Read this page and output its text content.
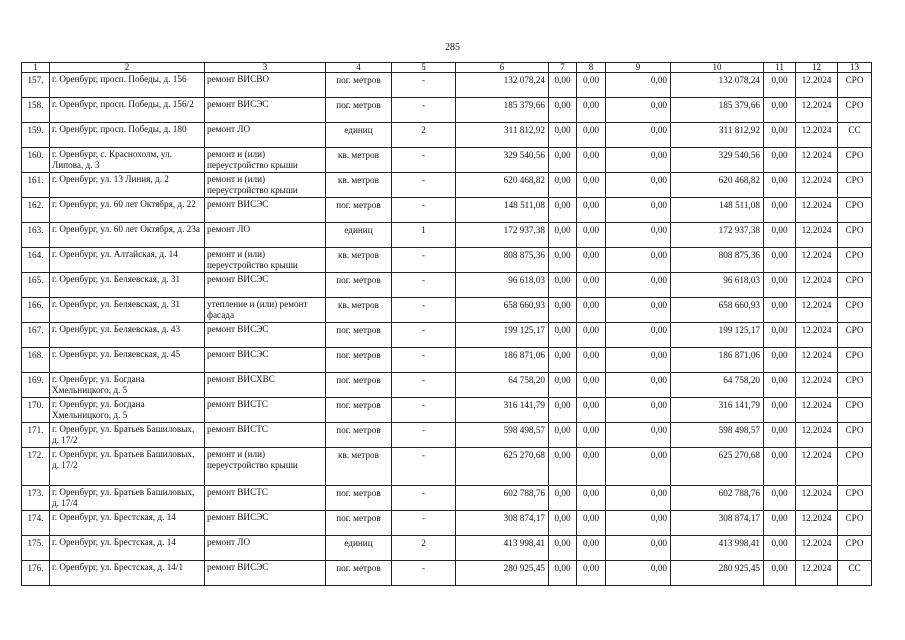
285
1	2	3	4	5	6	7	8	9	10	11	12	13
157.	г. Оренбург, просп. Победы, д. 156	ремонт ВИСВО	пог. метров	-	132 078,24	0,00	0,00	0,00	132 078,24	0,00	12.2024	СРО
158.	г. Оренбург, просп. Победы, д. 156/2	ремонт ВИСЭС	пог. метров	-	185 379,66	0,00	0,00	0,00	185 379,66	0,00	12.2024	СРО
159.	г. Оренбург, просп. Победы, д. 180	ремонт ЛО	единиц	2	311 812,92	0,00	0,00	0,00	311 812,92	0,00	12.2024	СС
160.	г. Оренбург, с. Краснохолм, ул. Липова, д. 3	ремонт и (или) переустройство крыши	кв. метров	-	329 540,56	0,00	0,00	0,00	329 540,56	0,00	12.2024	СРО
161.	г. Оренбург, ул. 13 Линия, д. 2	ремонт и (или) переустройство крыши	кв. метров	-	620 468,82	0,00	0,00	0,00	620 468,82	0,00	12.2024	СРО
162.	г. Оренбург, ул. 60 лет Октября, д. 22	ремонт ВИСЭС	пог. метров	-	148 511,08	0,00	0,00	0,00	148 511,08	0,00	12.2024	СРО
163.	г. Оренбург, ул. 60 лет Октября, д. 23а	ремонт ЛО	единиц	1	172 937,38	0,00	0,00	0,00	172 937,38	0,00	12.2024	СРО
164.	г. Оренбург, ул. Алтайская, д. 14	ремонт и (или) переустройство крыши	кв. метров	-	808 875,36	0,00	0,00	0,00	808 875,36	0,00	12.2024	СРО
165.	г. Оренбург, ул. Беляевская, д. 31	ремонт ВИСЭС	пог. метров	-	96 618,03	0,00	0,00	0,00	96 618,03	0,00	12.2024	СРО
166.	г. Оренбург, ул. Беляевская, д. 31	утепление и (или) ремонт фасада	кв. метров	-	658 660,93	0,00	0,00	0,00	658 660,93	0,00	12.2024	СРО
167.	г. Оренбург, ул. Беляевская, д. 43	ремонт ВИСЭС	пог. метров	-	199 125,17	0,00	0,00	0,00	199 125,17	0,00	12.2024	СРО
168.	г. Оренбург, ул. Беляевская, д. 45	ремонт ВИСЭС	пог. метров	-	186 871,06	0,00	0,00	0,00	186 871,06	0,00	12.2024	СРО
169.	г. Оренбург, ул. Богдана Хмельницкого, д. 5	ремонт ВИСХВС	пог. метров	-	64 758,20	0,00	0,00	0,00	64 758,20	0,00	12.2024	СРО
170.	г. Оренбург, ул. Богдана Хмельницкого, д. 5	ремонт ВИСТС	пог. метров	-	316 141,79	0,00	0,00	0,00	316 141,79	0,00	12.2024	СРО
171.	г. Оренбург, ул. Братьев Башиловых, д. 17/2	ремонт ВИСТС	пог. метров	-	598 498,57	0,00	0,00	0,00	598 498,57	0,00	12.2024	СРО
172.	г. Оренбург, ул. Братьев Башиловых, д. 17/2	ремонт и (или) переустройство крыши	кв. метров	-	625 270,68	0,00	0,00	0,00	625 270,68	0,00	12.2024	СРО
173.	г. Оренбург, ул. Братьев Башиловых, д. 17/4	ремонт ВИСТС	пог. метров	-	602 788,76	0,00	0,00	0,00	602 788,76	0,00	12.2024	СРО
174.	г. Оренбург, ул. Брестская, д. 14	ремонт ВИСЭС	пог. метров	-	308 874,17	0,00	0,00	0,00	308 874,17	0,00	12.2024	СРО
175.	г. Оренбург, ул. Брестская, д. 14	ремонт ЛО	единиц	2	413 998,41	0,00	0,00	0,00	413 998,41	0,00	12.2024	СРО
176.	г. Оренбург, ул. Брестская, д. 14/1	ремонт ВИСЭС	пог. метров	-	280 925,45	0,00	0,00	0,00	280 925,45	0,00	12.2024	СС
